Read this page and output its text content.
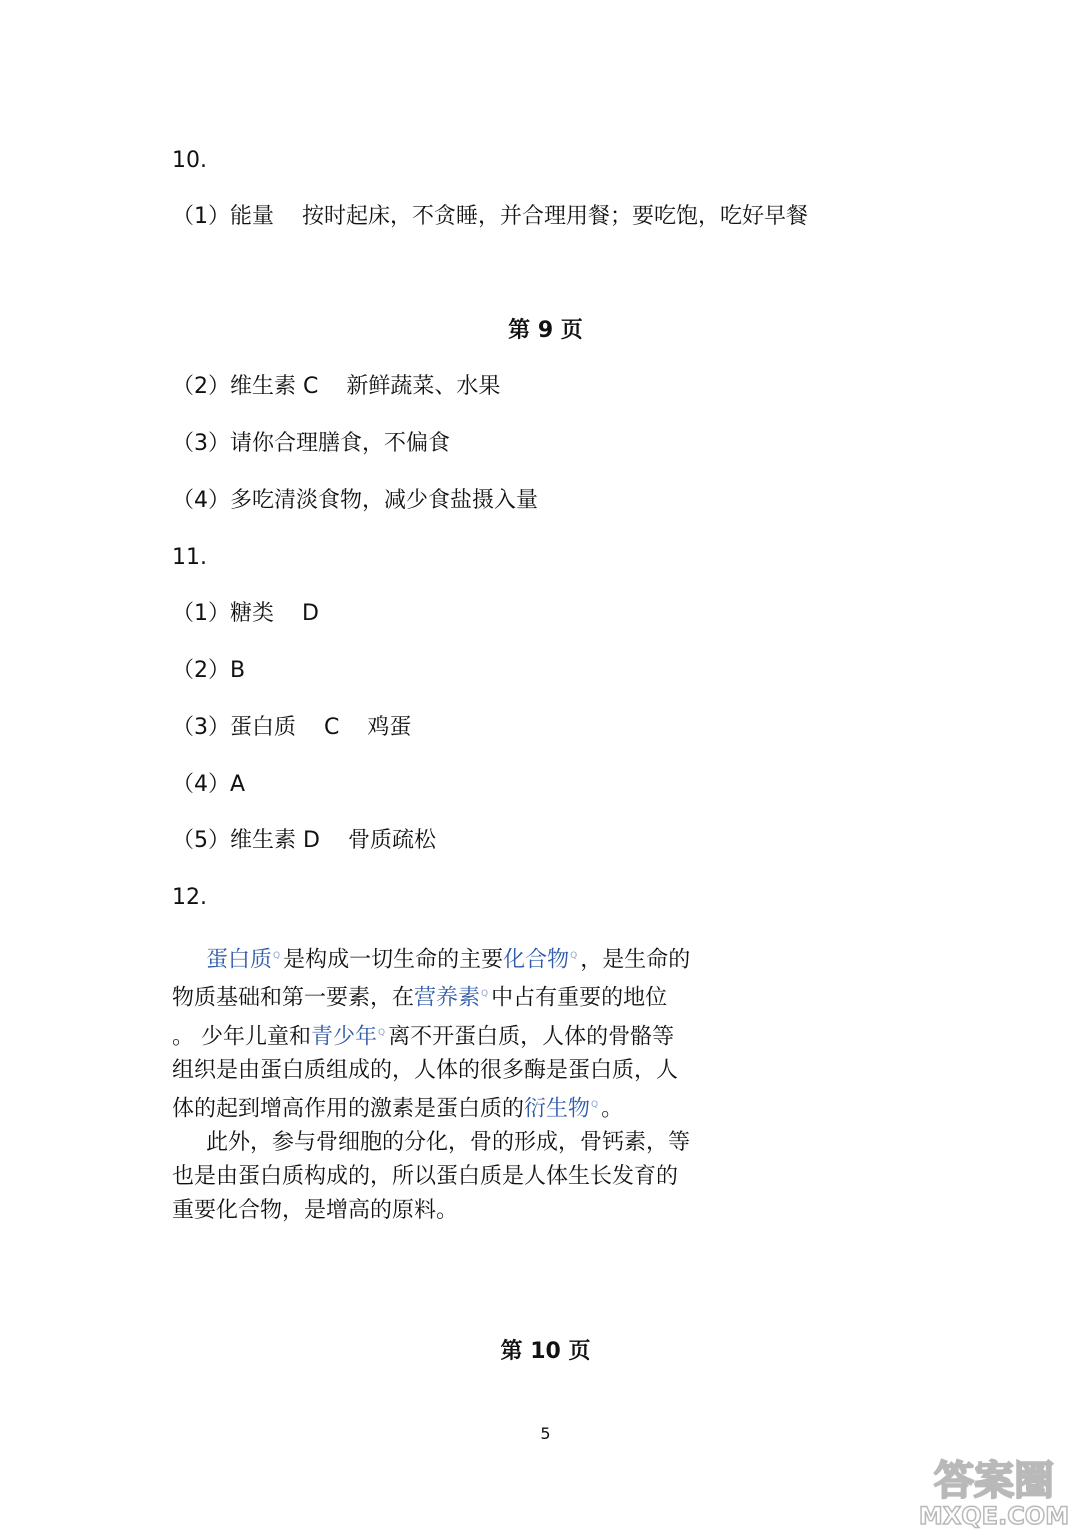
10.
（1）能量 按时起床，不贪睡，并合理用餐；要吃饱，吃好早餐
第 9 页
（2）维生素 C 新鲜蔬菜、水果
（3）请你合理膳食，不偏食
（4）多吃清淡食物，减少食盐摄入量
11.
（1）糖类 D
（2）B
（3）蛋白质 C 鸡蛋
（4）A
（5）维生素 D 骨质疏松
12.

蛋白质$^Q$ 是构成一切生命的主要化合物$^Q$ ，是生命的物质基础和第一要素，在营养素$^Q$ 中占有重要的地位 。 少年儿童和青少年$^Q$ 离不开蛋白质，人体的骨骼等组织是由蛋白质组成的，人体的很多酶是蛋白质，人体的起到增高作用的激素是蛋白质的衍生物$^Q$ 。

此外，参与骨细胞的分化，骨的形成，骨钙素，等也是由蛋白质构成的，所以蛋白质是人体生长发育的重要化合物，是增高的原料。

第 10 页
5
答案圈
MXQE.COM
